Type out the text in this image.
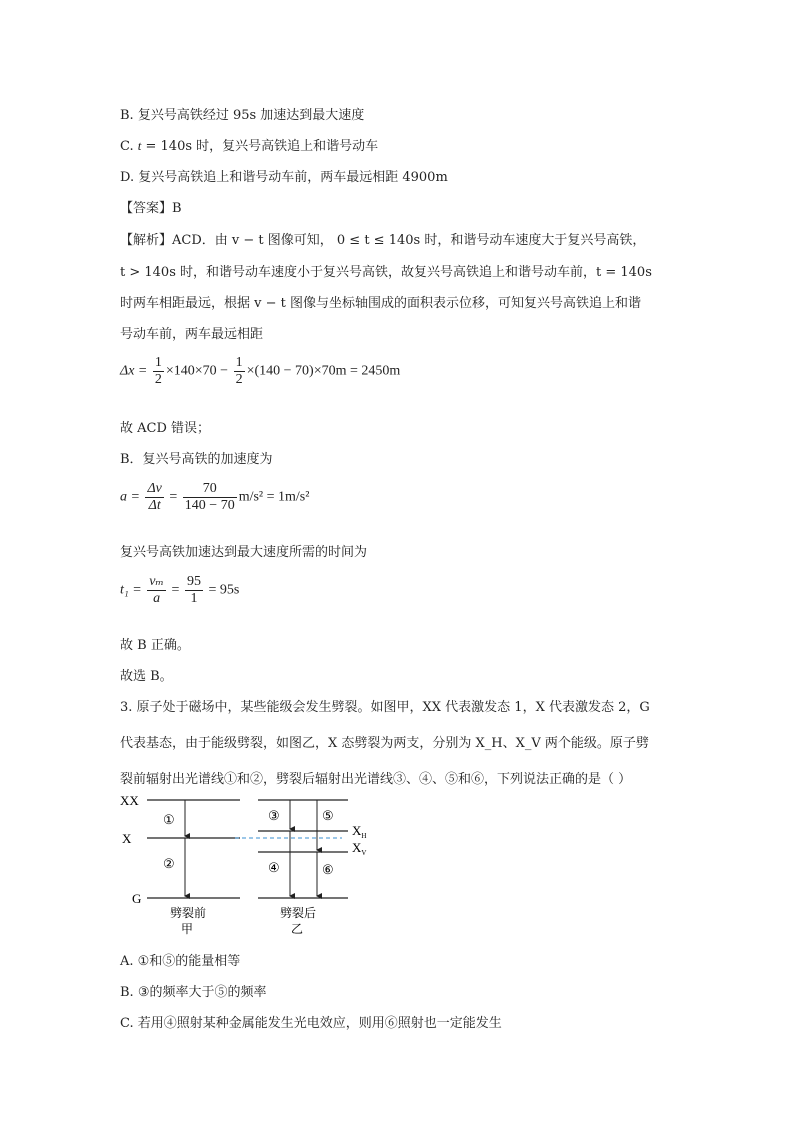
B. 复兴号高铁经过 95s 加速达到最大速度
C. t = 140s 时，复兴号高铁追上和谐号动车
D. 复兴号高铁追上和谐号动车前，两车最远相距 4900m
【答案】B
【解析】ACD．由 v − t 图像可知， 0 ≤ t ≤ 140s 时，和谐号动车速度大于复兴号高铁，
t > 140s 时，和谐号动车速度小于复兴号高铁，故复兴号高铁追上和谐号动车前，t = 140s
时两车相距最远，根据 v − t 图像与坐标轴围成的面积表示位移，可知复兴号高铁追上和谐
号动车前，两车最远相距
$\Delta x = \frac{1}{2} \times 140\times 70 - \frac{1}{2} \times(140 - 70)\times 70m = 2450m$
故 ACD 错误；
B．复兴号高铁的加速度为
$a = \frac{\Delta v}{\Delta t} = \frac{70}{140 - 70} m/s^2 = 1m/s^2$
复兴号高铁加速达到最大速度所需的时间为
$t_1 = \frac{\text{vₘ}}{a} = \frac{95}{1} = 95s$
故 B 正确。
故选 B。
3. 原子处于磁场中，某些能级会发生劈裂。如图甲，XX 代表激发态 1，X 代表激发态 2，G
代表基态，由于能级劈裂，如图乙，X 态劈裂为两支，分别为 X_H、X_V 两个能级。原子劈
裂前辐射出光谱线①和②，劈裂后辐射出光谱线③、④、⑤和⑥，下列说法正确的是（ ）
XX
X
G
①
②
劈裂前
甲
$X_H$
$X_V$
③	⑤
④	⑥
劈裂后
乙
A. ①和⑤的能量相等
B. ③的频率大于⑤的频率
C. 若用④照射某种金属能发生光电效应，则用⑥照射也一定能发生
